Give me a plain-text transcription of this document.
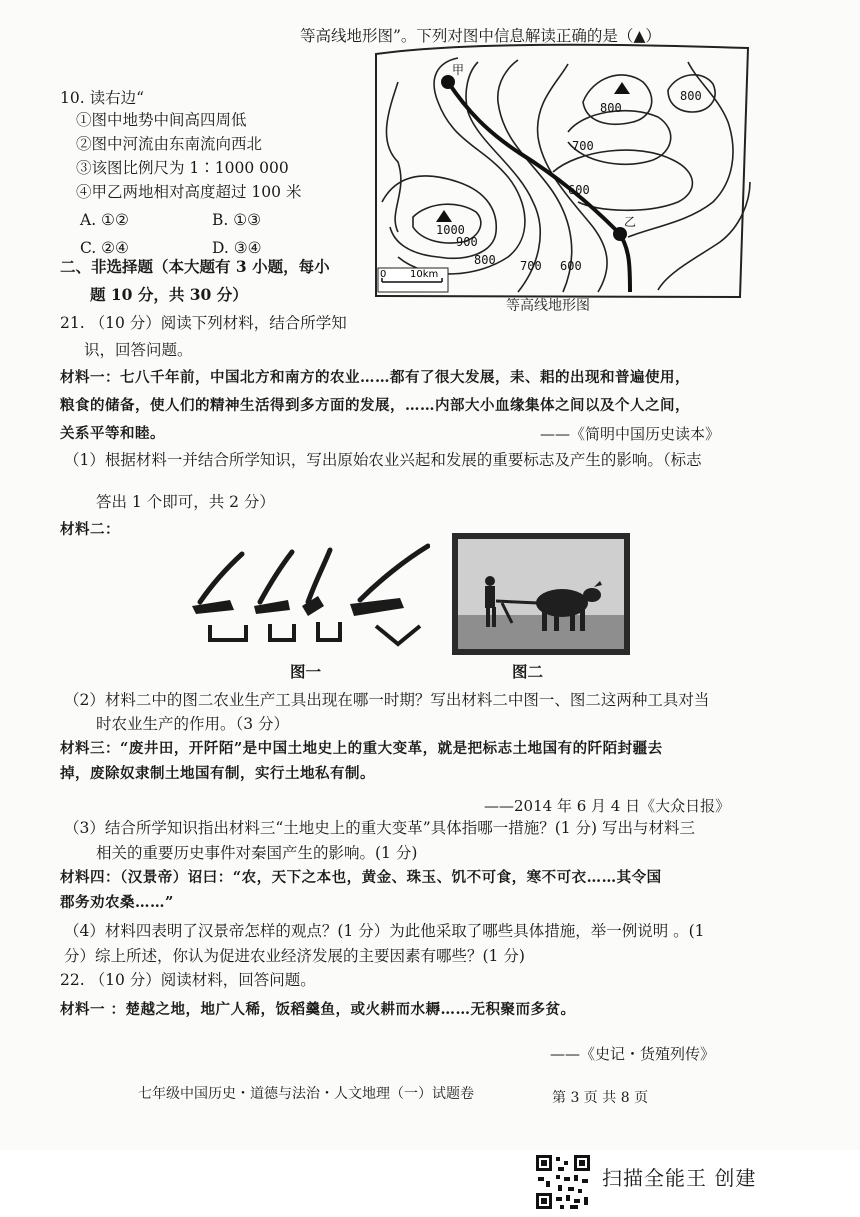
等高线地形图”。下列对图中信息解读正确的是（▲）
10. 读右边“
①图中地势中间高四周低
②图中河流由东南流向西北
③该图比例尺为 1∶1000 000
④甲乙两地相对高度超过 100 米
A. ①②	B. ①③
C. ②④	D. ③④
甲
乙
800
800
700
600
1000
900
800 700 600
0 10km
等高线地形图
二、非选择题（本大题有 3 小题，每小
题 10 分，共 30 分）
21. （10 分）阅读下列材料，结合所学知
识，回答问题。
材料一：七八千年前，中国北方和南方的农业……都有了很大发展，耒、耜的出现和普遍使用，
粮食的储备，使人们的精神生活得到多方面的发展，……内部大小血缘集体之间以及个人之间，
关系平等和睦。	——《简明中国历史读本》
（1）根据材料一并结合所学知识，写出原始农业兴起和发展的重要标志及产生的影响。（标志
答出 1 个即可，共 2 分）
材料二：
图一	图二
（2）材料二中的图二农业生产工具出现在哪一时期？写出材料二中图一、图二这两种工具对当
时农业生产的作用。（3 分）
材料三：“废井田，开阡陌”是中国土地史上的重大变革，就是把标志土地国有的阡陌封疆去
掉，废除奴隶制土地国有制，实行土地私有制。
——2014 年 6 月 4 日《大众日报》
（3）结合所学知识指出材料三“土地史上的重大变革”具体指哪一措施？(1 分) 写出与材料三
相关的重要历史事件对秦国产生的影响。(1 分)
材料四：（汉景帝）诏曰：“农，天下之本也，黄金、珠玉、饥不可食，寒不可衣……其令国
郡务劝农桑……”
（4）材料四表明了汉景帝怎样的观点？(1 分）为此他采取了哪些具体措施，举一例说明 。(1
分）综上所述，你认为促进农业经济发展的主要因素有哪些？(1 分)
22. （10 分）阅读材料，回答问题。
材料一 ：楚越之地，地广人稀，饭稻羹鱼，或火耕而水耨……无积聚而多贫。
——《史记・货殖列传》
七年级中国历史・道德与法治・人文地理（一）试题卷	第 3 页 共 8 页
扫描全能王 创建
